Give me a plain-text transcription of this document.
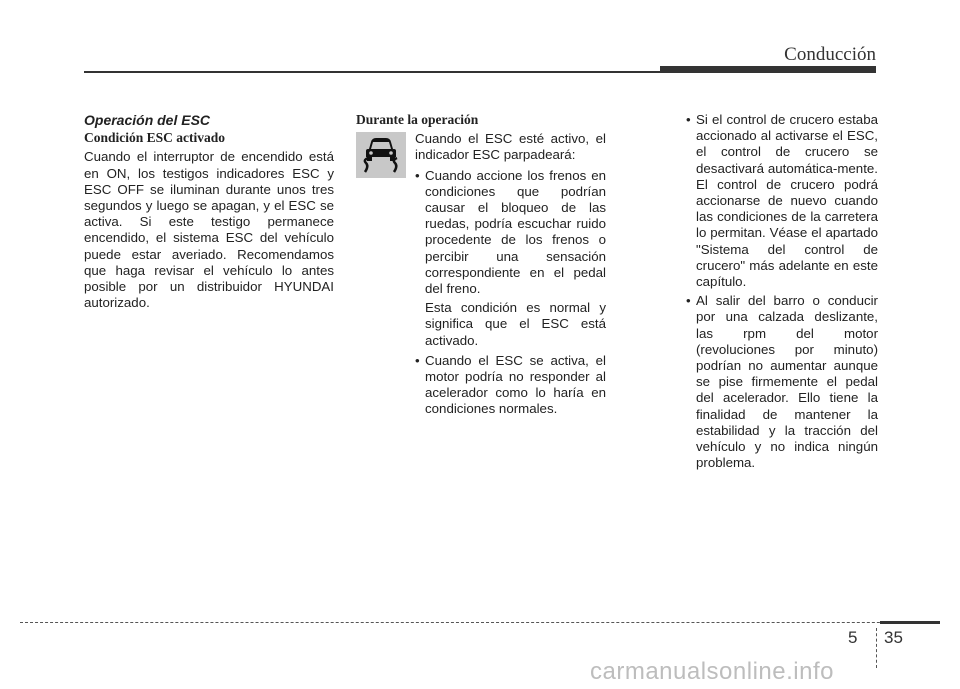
Conducción

Operación del ESC

Condición ESC activado

Cuando el interruptor de encendido está en ON, los testigos indicadores ESC y ESC OFF se iluminan durante unos tres segundos y luego se apagan, y el ESC se activa. Si este testigo permanece encendido, el sistema ESC del vehículo puede estar averiado. Recomendamos que haga revisar el vehículo lo antes posible por un distribuidor HYUNDAI autorizado.

Durante la operación

Cuando el ESC esté activo, el indicador ESC parpadeará:

• Cuando accione los frenos en condiciones que podrían causar el bloqueo de las ruedas, podría escuchar ruido procedente de los frenos o percibir una sensación correspondiente en el pedal del freno.

Esta condición es normal y significa que el ESC está activado.

• Cuando el ESC se activa, el motor podría no responder al acelerador como lo haría en condiciones normales.
• Si el control de crucero estaba accionado al activarse el ESC, el control de crucero se desactivará automática-mente. El control de crucero podrá accionarse de nuevo cuando las condiciones de la carretera lo permitan. Véase el apartado "Sistema del control de crucero" más adelante en este capítulo.
• Al salir del barro o conducir por una calzada deslizante, las rpm del motor (revoluciones por minuto) podrían no aumentar aunque se pise firmemente el pedal del acelerador. Ello tiene la finalidad de mantener la estabilidad y la tracción del vehículo y no indica ningún problema.
5 35
carmanualsonline.info
